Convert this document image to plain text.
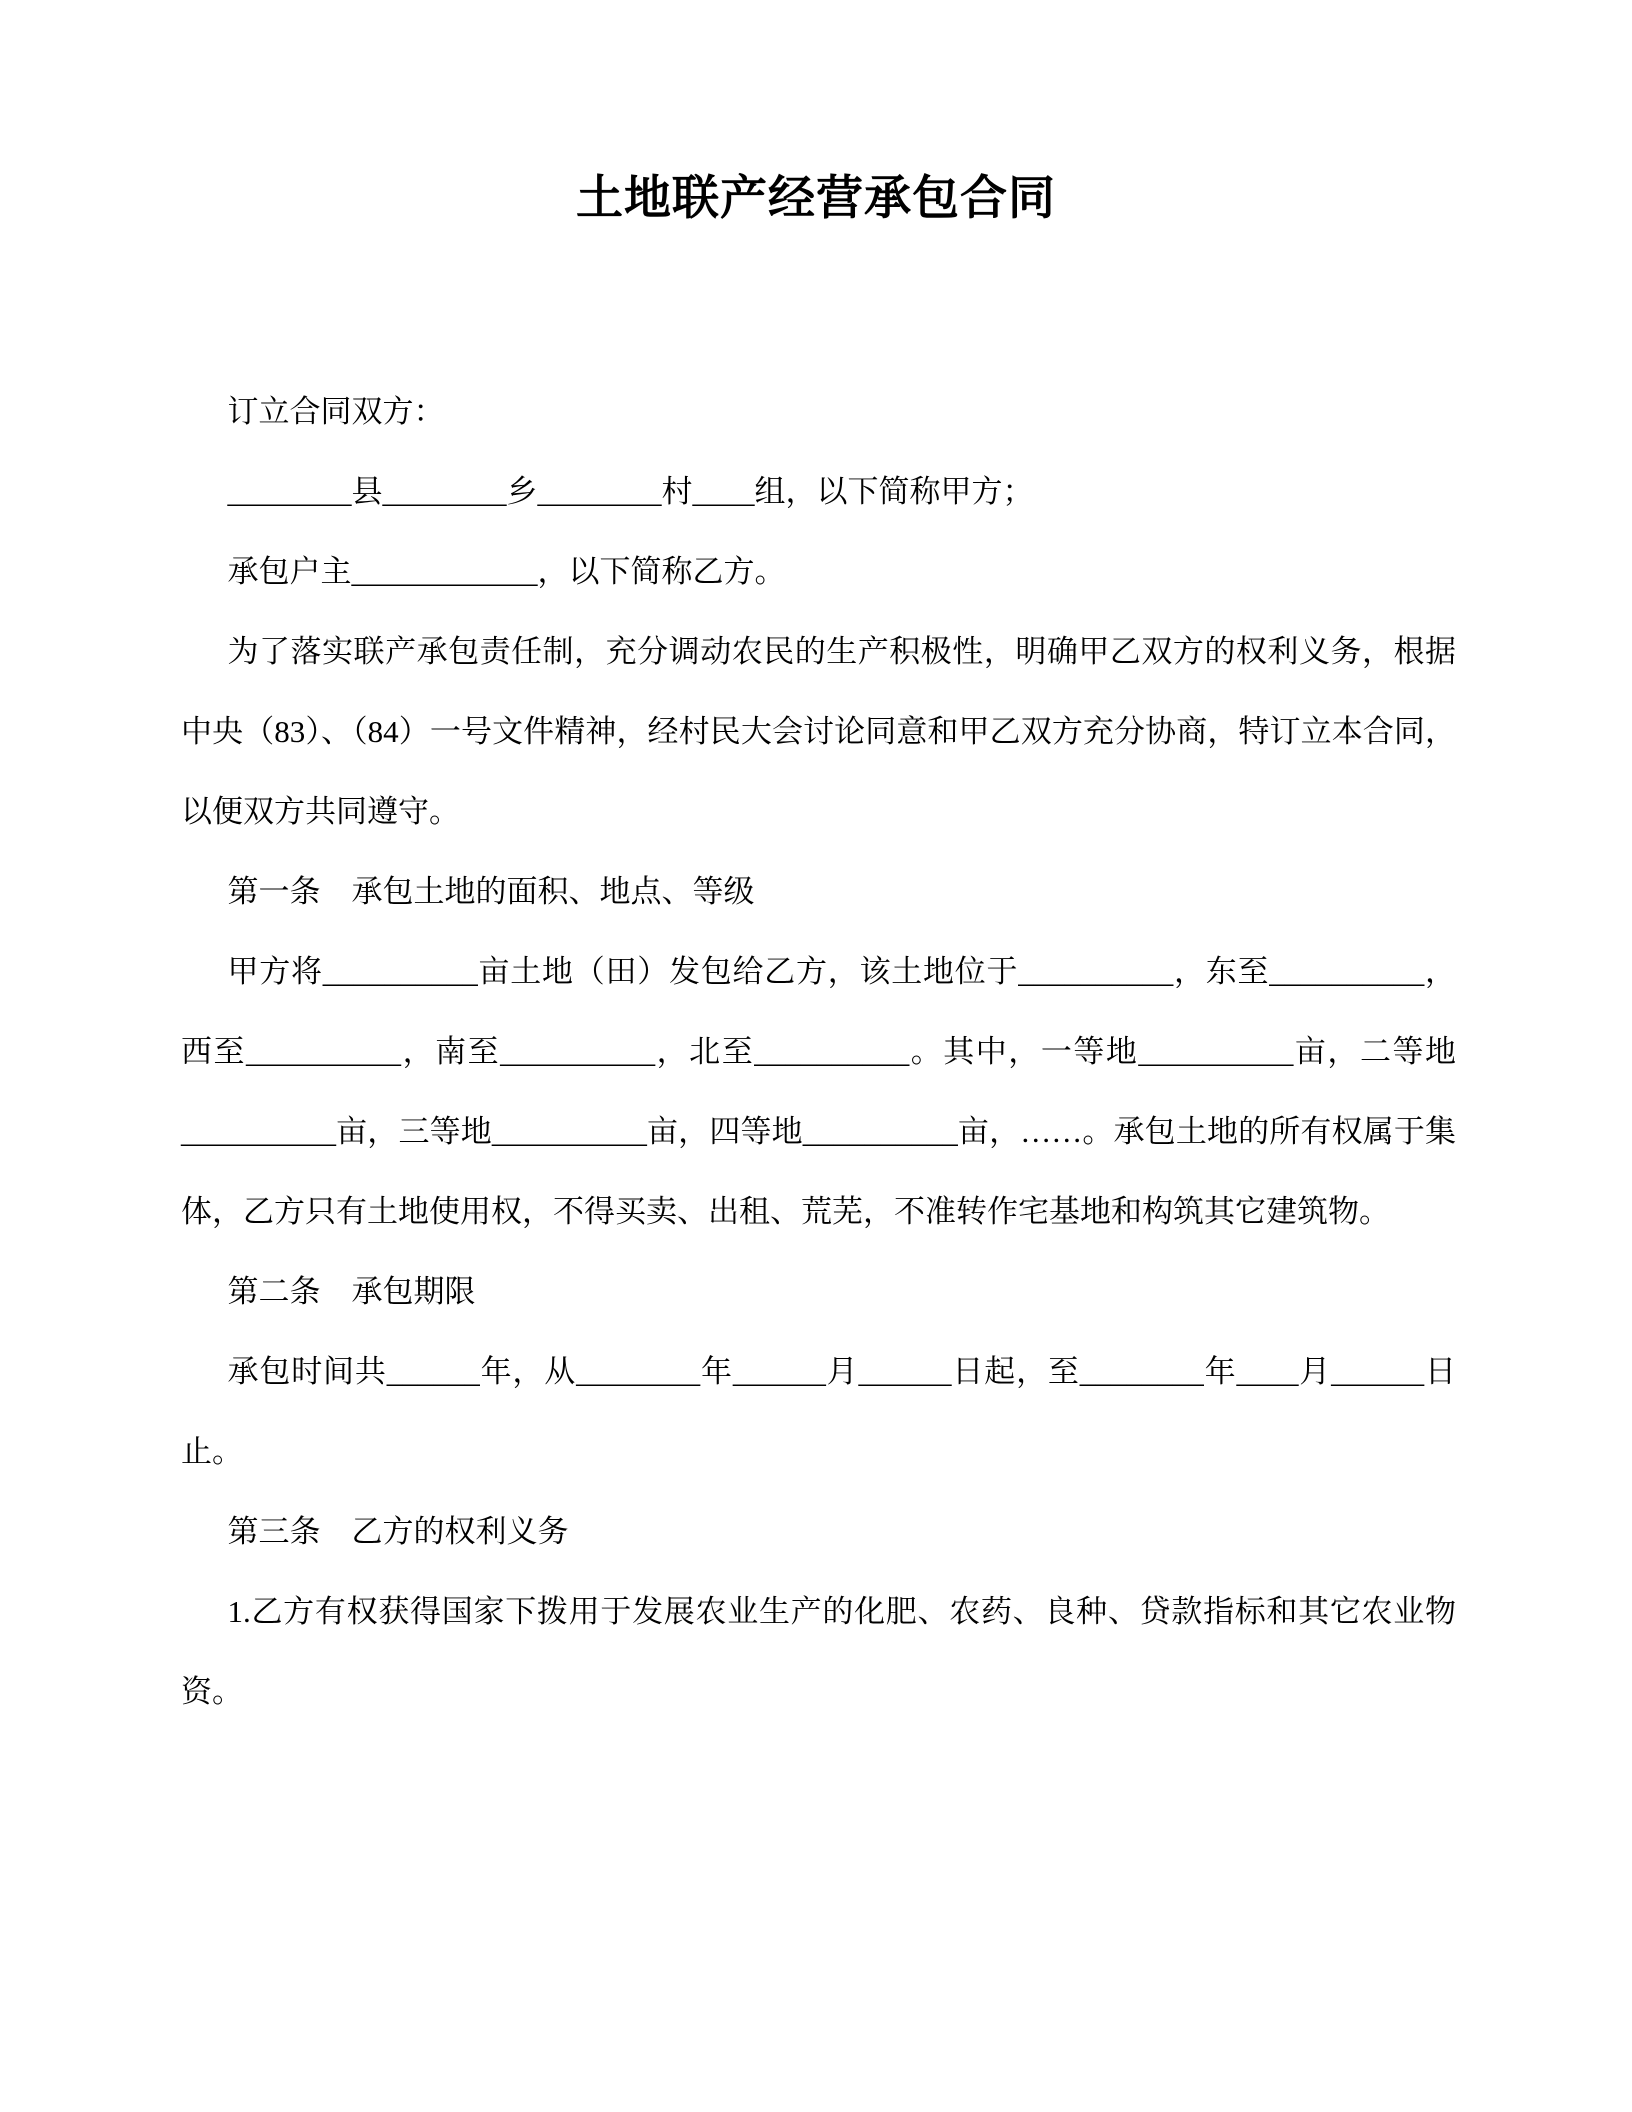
土地联产经营承包合同

订立合同双方：

________县________乡________村____组，以下简称甲方；

承包户主____________，以下简称乙方。

为了落实联产承包责任制，充分调动农民的生产积极性，明确甲乙双方的权利义务，根据中央（83）、（84）一号文件精神，经村民大会讨论同意和甲乙双方充分协商，特订立本合同，以便双方共同遵守。

第一条　承包土地的面积、地点、等级

甲方将__________亩土地（田）发包给乙方，该土地位于__________，东至__________，西至__________，南至__________，北至__________。其中，一等地__________亩，二等地__________亩，三等地__________亩，四等地__________亩，……。承包土地的所有权属于集体，乙方只有土地使用权，不得买卖、出租、荒芜，不准转作宅基地和构筑其它建筑物。

第二条　承包期限

承包时间共______年，从________年______月______日起，至________年____月______日止。

第三条　乙方的权利义务

1.乙方有权获得国家下拨用于发展农业生产的化肥、农药、良种、贷款指标和其它农业物资。
